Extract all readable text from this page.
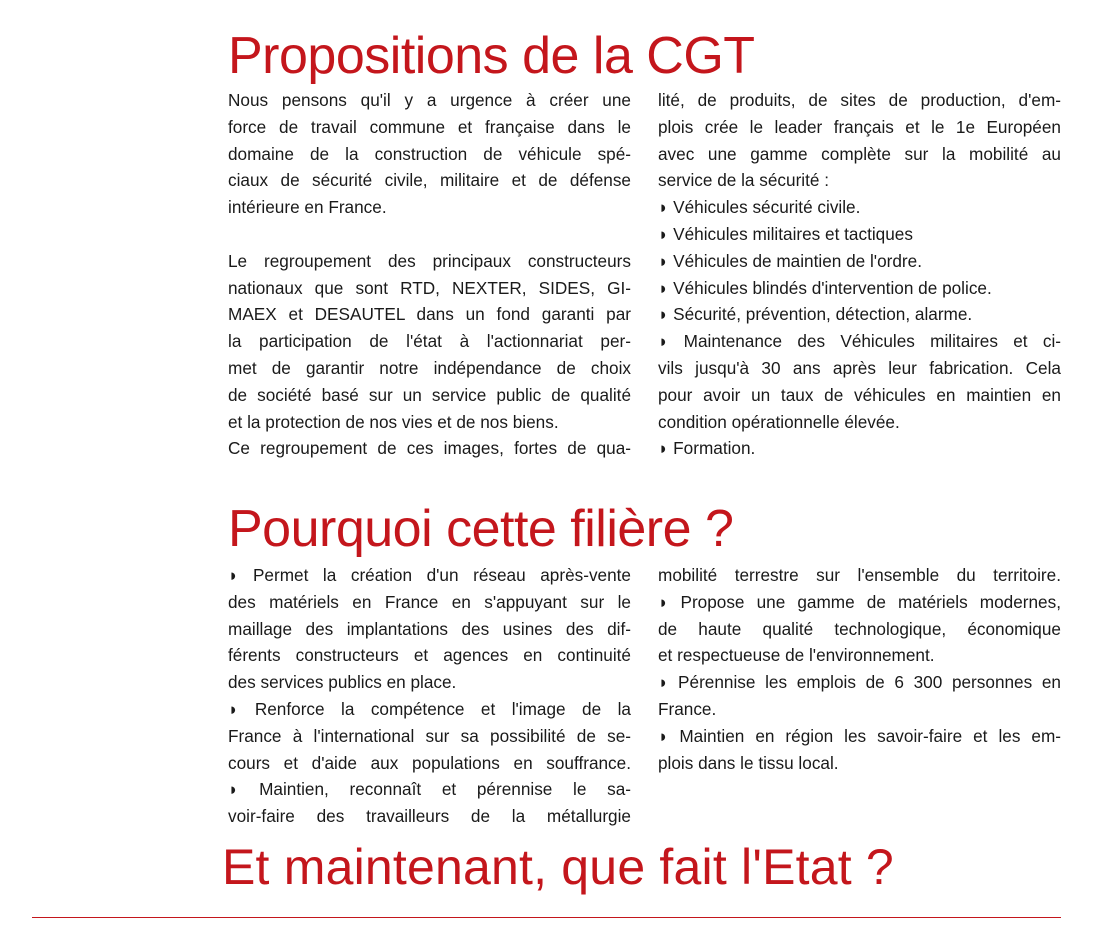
Propositions de la CGT
Nous pensons qu'il y a urgence à créer une
force de travail commune et française dans le
domaine de la construction de véhicule spé-
ciaux de sécurité civile, militaire et de défense
intérieure en France.
Le regroupement des principaux constructeurs
nationaux que sont RTD, NEXTER, SIDES, GI-
MAEX et DESAUTEL dans un fond garanti par
la participation de l'état à l'actionnariat per-
met de garantir notre indépendance de choix
de société basé sur un service public de qualité
et la protection de nos vies et de nos biens.
Ce regroupement de ces images, fortes de qua-
lité, de produits, de sites de production, d'em-
plois crée le leader français et le 1e Européen
avec une gamme complète sur la mobilité au
service de la sécurité :
◗ Véhicules sécurité civile.
◗ Véhicules militaires et tactiques
◗ Véhicules de maintien de l'ordre.
◗ Véhicules blindés d'intervention de police.
◗ Sécurité, prévention, détection, alarme.
◗ Maintenance des Véhicules militaires et ci-
vils jusqu'à 30 ans après leur fabrication. Cela
pour avoir un taux de véhicules en maintien en
condition opérationnelle élevée.
◗ Formation.
Pourquoi cette filière ?
◗ Permet la création d'un réseau après-vente
des matériels en France en s'appuyant sur le
maillage des implantations des usines des dif-
férents constructeurs et agences en continuité
des services publics en place.
◗ Renforce la compétence et l'image de la
France à l'international sur sa possibilité de se-
cours et d'aide aux populations en souffrance.
◗ Maintien, reconnaît et pérennise le sa-
voir-faire des travailleurs de la métallurgie
mobilité terrestre sur l'ensemble du territoire.
◗ Propose une gamme de matériels modernes,
de haute qualité technologique, économique
et respectueuse de l'environnement.
◗ Pérennise les emplois de 6 300 personnes en
France.
◗ Maintien en région les savoir-faire et les em-
plois dans le tissu local.
Et maintenant, que fait l'Etat ?
